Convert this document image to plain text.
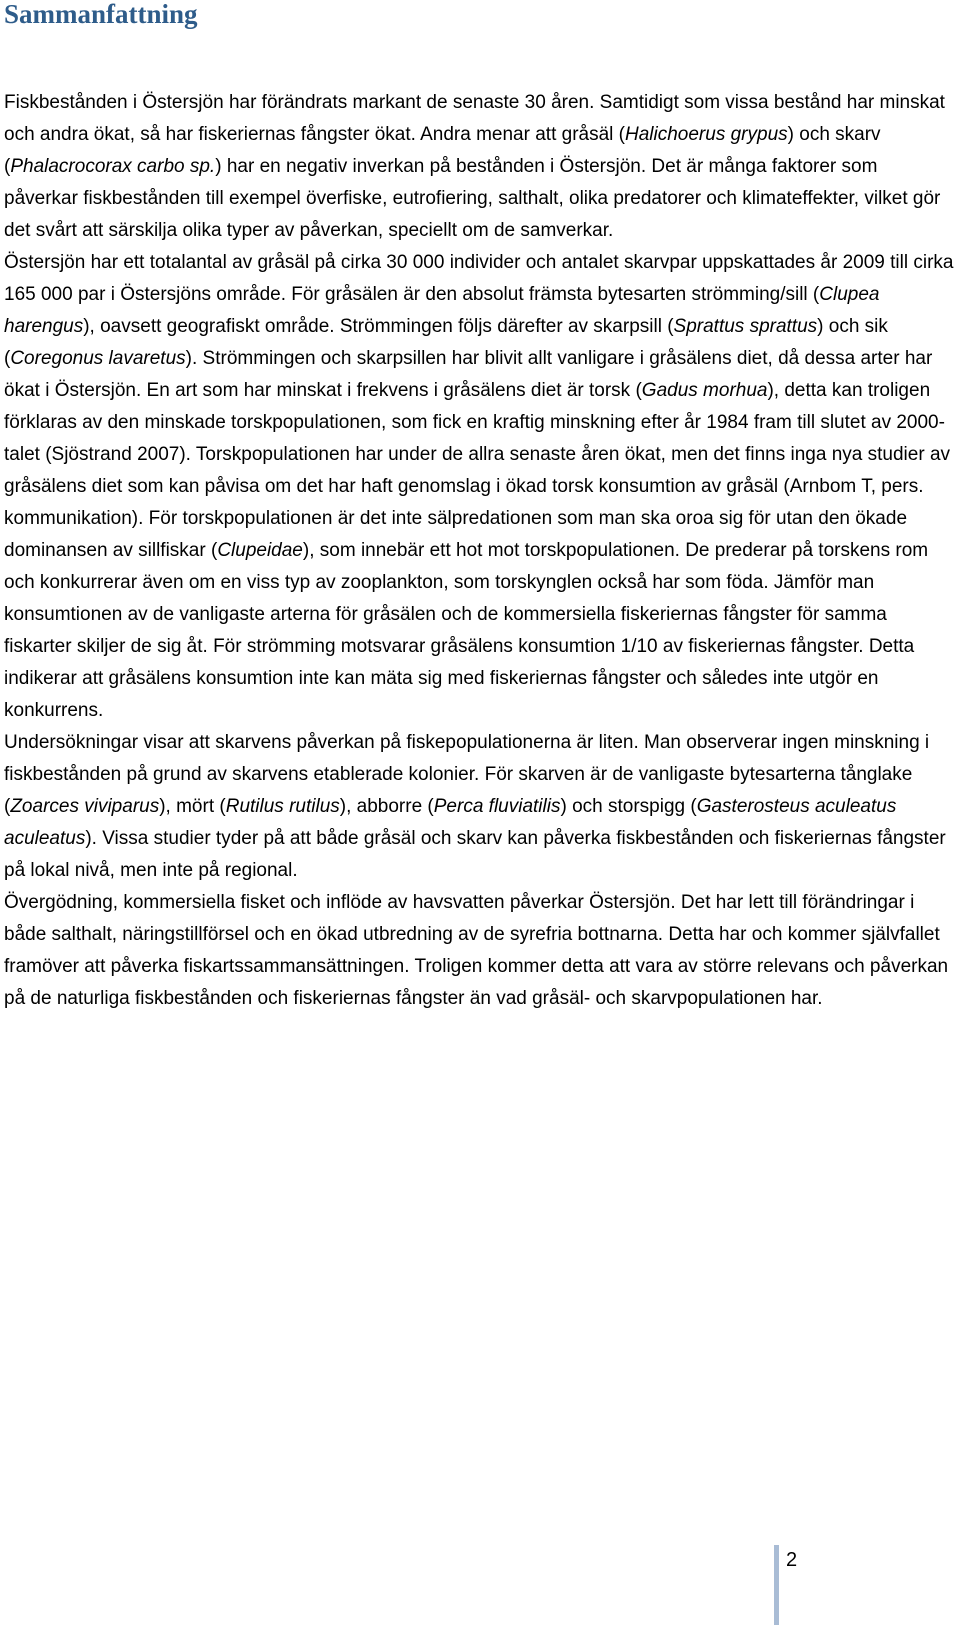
Sammanfattning

Fiskbestånden i Östersjön har förändrats markant de senaste 30 åren. Samtidigt som vissa bestånd har minskat och andra ökat, så har fiskeriernas fångster ökat. Andra menar att gråsäl (Halichoerus grypus) och skarv (Phalacrocorax carbo sp.) har en negativ inverkan på bestånden i Östersjön. Det är många faktorer som påverkar fiskbestånden till exempel överfiske, eutrofiering, salthalt, olika predatorer och klimateffekter, vilket gör det svårt att särskilja olika typer av påverkan, speciellt om de samverkar.

Östersjön har ett totalantal av gråsäl på cirka 30 000 individer och antalet skarvpar uppskattades år 2009 till cirka 165 000 par i Östersjöns område. För gråsälen är den absolut främsta bytesarten strömming/sill (Clupea harengus), oavsett geografiskt område. Strömmingen följs därefter av skarpsill (Sprattus sprattus) och sik (Coregonus lavaretus). Strömmingen och skarpsillen har blivit allt vanligare i gråsälens diet, då dessa arter har ökat i Östersjön. En art som har minskat i frekvens i gråsälens diet är torsk (Gadus morhua), detta kan troligen förklaras av den minskade torskpopulationen, som fick en kraftig minskning efter år 1984 fram till slutet av 2000-talet (Sjöstrand 2007). Torskpopulationen har under de allra senaste åren ökat, men det finns inga nya studier av gråsälens diet som kan påvisa om det har haft genomslag i ökad torsk konsumtion av gråsäl (Arnbom T, pers. kommunikation). För torskpopulationen är det inte sälpredationen som man ska oroa sig för utan den ökade dominansen av sillfiskar (Clupeidae), som innebär ett hot mot torskpopulationen. De prederar på torskens rom och konkurrerar även om en viss typ av zooplankton, som torskynglen också har som föda. Jämför man konsumtionen av de vanligaste arterna för gråsälen och de kommersiella fiskeriernas fångster för samma fiskarter skiljer de sig åt. För strömming motsvarar gråsälens konsumtion 1/10 av fiskeriernas fångster. Detta indikerar att gråsälens konsumtion inte kan mäta sig med fiskeriernas fångster och således inte utgör en konkurrens.

Undersökningar visar att skarvens påverkan på fiskepopulationerna är liten. Man observerar ingen minskning i fiskbestånden på grund av skarvens etablerade kolonier. För skarven är de vanligaste bytesarterna tånglake (Zoarces viviparus), mört (Rutilus rutilus), abborre (Perca fluviatilis) och storspigg (Gasterosteus aculeatus aculeatus). Vissa studier tyder på att både gråsäl och skarv kan påverka fiskbestånden och fiskeriernas fångster på lokal nivå, men inte på regional.

Övergödning, kommersiella fisket och inflöde av havsvatten påverkar Östersjön. Det har lett till förändringar i både salthalt, näringstillförsel och en ökad utbredning av de syrefria bottnarna. Detta har och kommer självfallet framöver att påverka fiskartssammansättningen. Troligen kommer detta att vara av större relevans och påverkan på de naturliga fiskbestånden och fiskeriernas fångster än vad gråsäl- och skarvpopulationen har.

2
